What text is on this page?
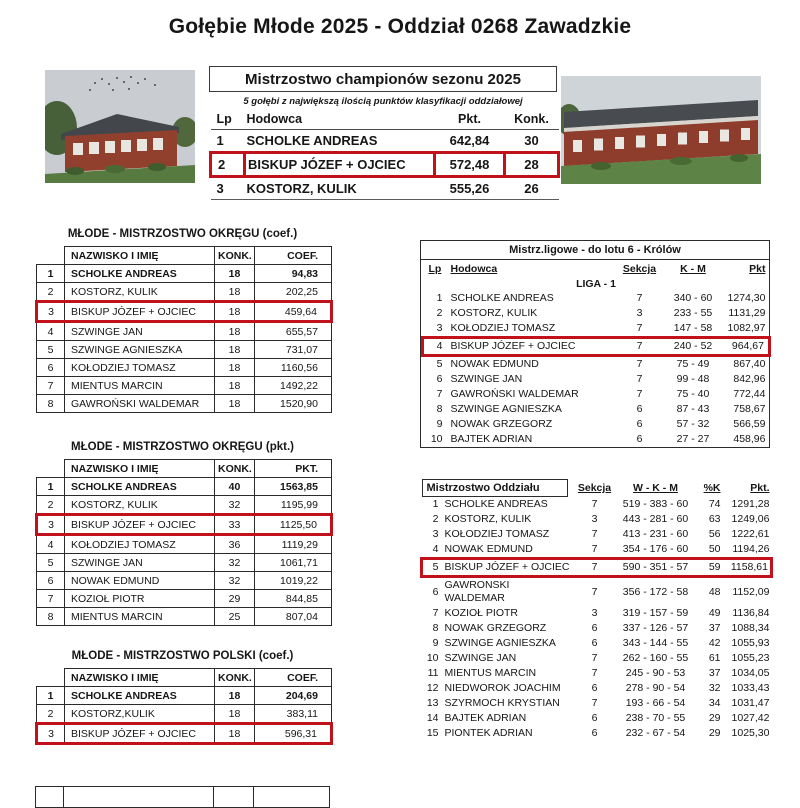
Gołębie Młode 2025 - Oddział 0268 Zawadzkie
Mistrzostwo championów sezonu 2025
5 gołębi z największą ilością punktów klasyfikacji oddziałowej
Lp	Hodowca	Pkt.	Konk.
1	SCHOLKE ANDREAS	642,84	30
2	BISKUP JÓZEF + OJCIEC	572,48	28
3	KOSTORZ, KULIK	555,26	26
MŁODE - MISTRZOSTWO OKRĘGU (coef.)
	NAZWISKO I IMIĘ	KONK.	COEF.
1	SCHOLKE ANDREAS	18	94,83
2	KOSTORZ, KULIK	18	202,25
3	BISKUP JÓZEF + OJCIEC	18	459,64
4	SZWINGE JAN	18	655,57
5	SZWINGE AGNIESZKA	18	731,07
6	KOŁODZIEJ TOMASZ	18	1160,56
7	MIENTUS MARCIN	18	1492,22
8	GAWROŃSKI WALDEMAR	18	1520,90
MŁODE - MISTRZOSTWO OKRĘGU (pkt.)
	NAZWISKO I IMIĘ	KONK.	PKT.
1	SCHOLKE ANDREAS	40	1563,85
2	KOSTORZ, KULIK	32	1195,99
3	BISKUP JÓZEF + OJCIEC	33	1125,50
4	KOŁODZIEJ TOMASZ	36	1119,29
5	SZWINGE JAN	32	1061,71
6	NOWAK EDMUND	32	1019,22
7	KOZIOŁ PIOTR	29	844,85
8	MIENTUS MARCIN	25	807,04
MŁODE - MISTRZOSTWO POLSKI (coef.)
	NAZWISKO I IMIĘ	KONK.	COEF.
1	SCHOLKE ANDREAS	18	204,69
2	KOSTORZ,KULIK	18	383,11
3	BISKUP JÓZEF + OJCIEC	18	596,31
Mistrz.ligowe - do lotu 6 - Królów
Lp	Hodowca	Sekcja	K - M	Pkt
LIGA - 1				
1	SCHOLKE ANDREAS	7	340 - 60	1274,30
2	KOSTORZ, KULIK	3	233 - 55	1131,29
3	KOŁODZIEJ TOMASZ	7	147 - 58	1082,97
4	BISKUP JÓZEF + OJCIEC	7	240 - 52	964,67
5	NOWAK EDMUND	7	75 - 49	867,40
6	SZWINGE JAN	7	99 - 48	842,96
7	GAWROŃSKI WALDEMAR	7	75 - 40	772,44
8	SZWINGE AGNIESZKA	6	87 - 43	758,67
9	NOWAK GRZEGORZ	6	57 - 32	566,59
10	BAJTEK ADRIAN	6	27 - 27	458,96
Mistrzostwo Oddziału		Sekcja	W - K - M	%K	Pkt.
1	SCHOLKE ANDREAS	7	519 - 383 - 60	74	1291,28
2	KOSTORZ, KULIK	3	443 - 281 - 60	63	1249,06
3	KOŁODZIEJ TOMASZ	7	413 - 231 - 60	56	1222,61
4	NOWAK EDMUND	7	354 - 176 - 60	50	1194,26
5	BISKUP JÓZEF + OJCIEC	7	590 - 351 - 57	59	1158,61
6	GAWRONSKI WALDEMAR	7	356 - 172 - 58	48	1152,09
7	KOZIOŁ PIOTR	3	319 - 157 - 59	49	1136,84
8	NOWAK GRZEGORZ	6	337 - 126 - 57	37	1088,34
9	SZWINGE AGNIESZKA	6	343 - 144 - 55	42	1055,93
10	SZWINGE JAN	7	262 - 160 - 55	61	1055,23
11	MIENTUS MARCIN	7	245 - 90 - 53	37	1034,05
12	NIEDWOROK JOACHIM	6	278 - 90 - 54	32	1033,43
13	SZYRMOCH KRYSTIAN	7	193 - 66 - 54	34	1031,47
14	BAJTEK ADRIAN	6	238 - 70 - 55	29	1027,42
15	PIONTEK ADRIAN	6	232 - 67 - 54	29	1025,30
